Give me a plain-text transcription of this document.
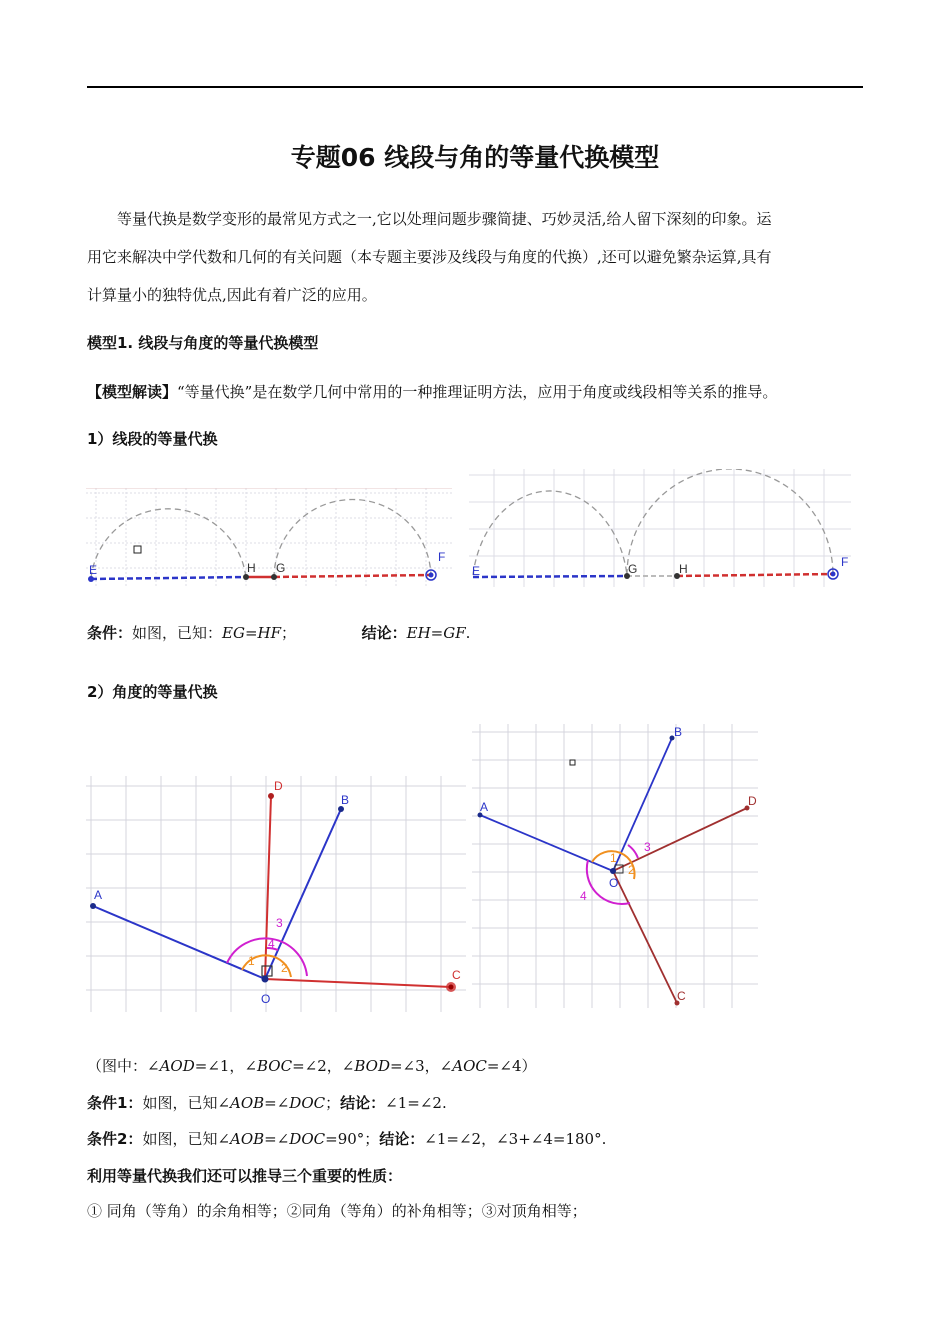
专题06 线段与角的等量代换模型
等量代换是数学变形的最常见方式之一,它以处理问题步骤简捷、巧妙灵活,给人留下深刻的印象。运
用它来解决中学代数和几何的有关问题（本专题主要涉及线段与角度的代换）,还可以避免繁杂运算,具有
计算量小的独特优点,因此有着广泛的应用。
模型1. 线段与角度的等量代换模型
【模型解读】“等量代换”是在数学几何中常用的一种推理证明方法，应用于角度或线段相等关系的推导。
1）线段的等量代换
E	H G
F
E	G	H	F
条件：如图，已知：EG=HF；	结论：EH=GF.
2）角度的等量代换
D
B
A
3
4
1 2
O
C
B
A	D
3
1
2
O
4
C
（图中：∠AOD=∠1，∠BOC=∠2，∠BOD=∠3，∠AOC=∠4）
条件1：如图，已知∠AOB=∠DOC；结论：∠1=∠2.
条件2：如图，已知∠AOB=∠DOC=90°；结论：∠1=∠2，∠3+∠4=180°.
利用等量代换我们还可以推导三个重要的性质：
① 同角（等角）的余角相等；②同角（等角）的补角相等；③对顶角相等；
